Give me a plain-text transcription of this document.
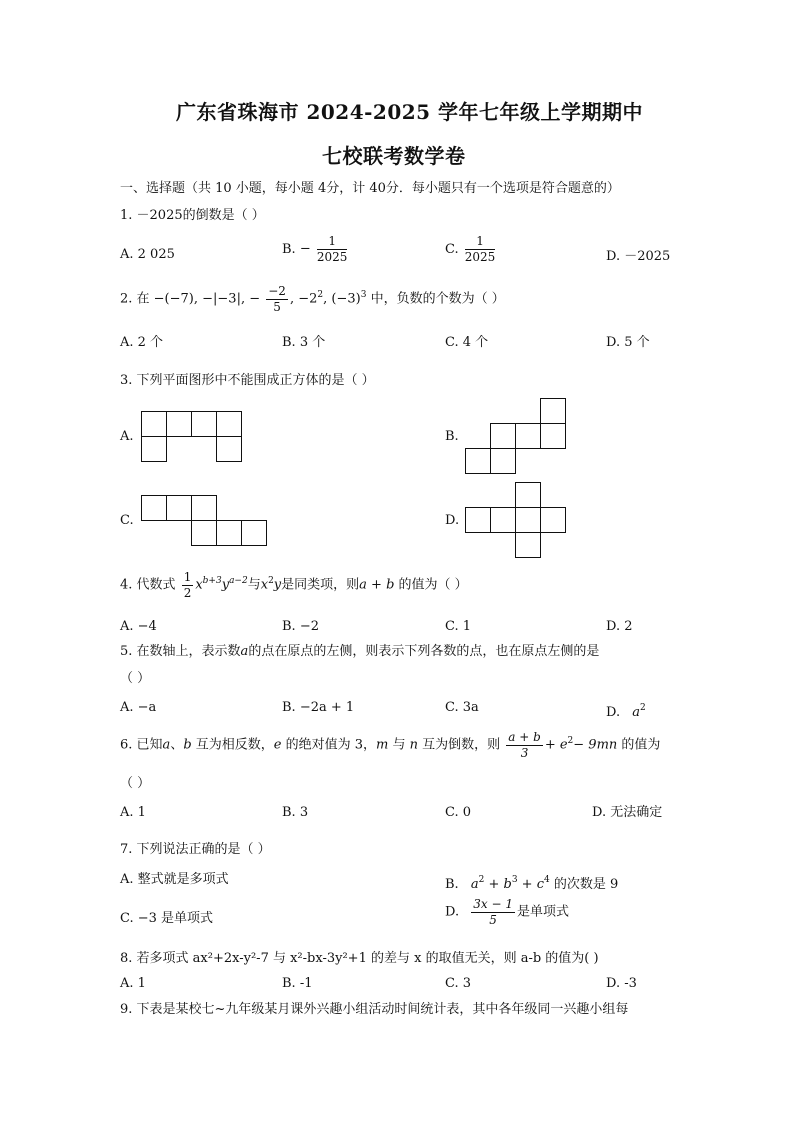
广东省珠海市 2024-2025 学年七年级上学期期中
七校联考数学卷
一、选择题（共 10 小题，每小题 4分，计 40分．每小题只有一个选项是符合题意的）
1. －2025的倒数是（ ）
A. 2 025	B. − $\frac{1}{2025}$	C. $\frac{1}{2025}$	D. －2025
2. 在 −(−7), −|−3|, − $\frac{-2}{5}$ , $-2^2$, $(-3)^3$ 中，负数的个数为（ ）
A. 2 个	B. 3 个	C. 4 个	D. 5 个
3. 下列平面图形中不能围成正方体的是（ ）
A.	B.
C.	D.
4. 代数式 $\frac{1}{2} x^{b+3}y^{a-2}$与$x^2y$是同类项，则a + b 的值为（ ）
A. −4	B. −2	C. 1	D. 2
5. 在数轴上，表示数a的点在原点的左侧，则表示下列各数的点，也在原点左侧的是
（ ）
A. −a	B. −2a + 1	C. 3a	D. $a^2$
6. 已知a、b 互为相反数，e 的绝对值为 3，m 与 n 互为倒数，则 $\frac{a + b}{3} + e^2- 9mn$ 的值为
（ ）
A. 1	B. 3	C. 0	D. 无法确定
7. 下列说法正确的是（ ）
A. 整式就是多项式	B. $a^2 + b^3 + c^4$ 的次数是 9
C. −3 是单项式	D. $\frac{3x - 1}{5}$ 是单项式
8. 若多项式 ax²+2x-y²-7 与 x²-bx-3y²+1 的差与 x 的取值无关，则 a-b 的值为( )
A. 1	B. -1	C. 3	D. -3
9. 下表是某校七~九年级某月课外兴趣小组活动时间统计表，其中各年级同一兴趣小组每
